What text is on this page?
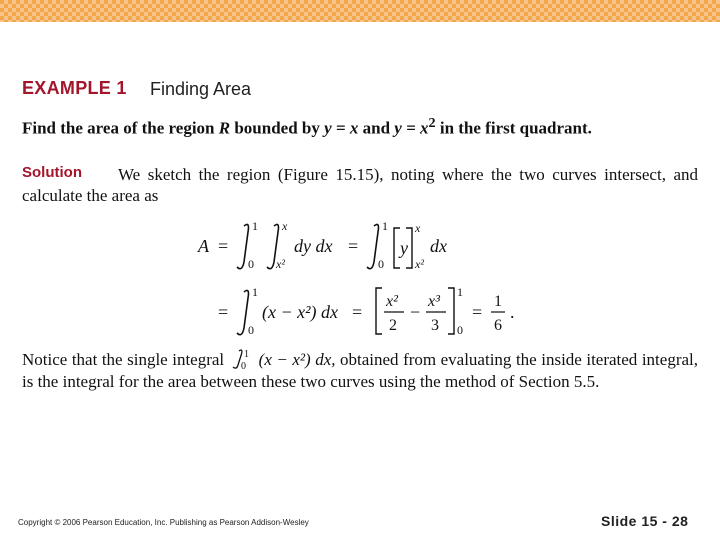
EXAMPLE 1 Finding Area
Find the area of the region R bounded by y = x and $y = x^2$ in the first quadrant.
Solution	We sketch the region (Figure 15.15), noting where the two curves intersect, and calculate the area as
A =
1
0
x
x²
dy dx =
1
0
y
x
x²
dx
=
1
0
(x − x²) dx =
x²
2
−
x³
3
1
0
=
1
6
.
Notice that the single integral 1
0 (x − x²) dx, obtained from evaluating the inside iterated integral, is the integral for the area between these two curves using the method of Section 5.5.
Copyright © 2006 Pearson Education, Inc. Publishing as Pearson Addison-Wesley	Slide 15 - 28
